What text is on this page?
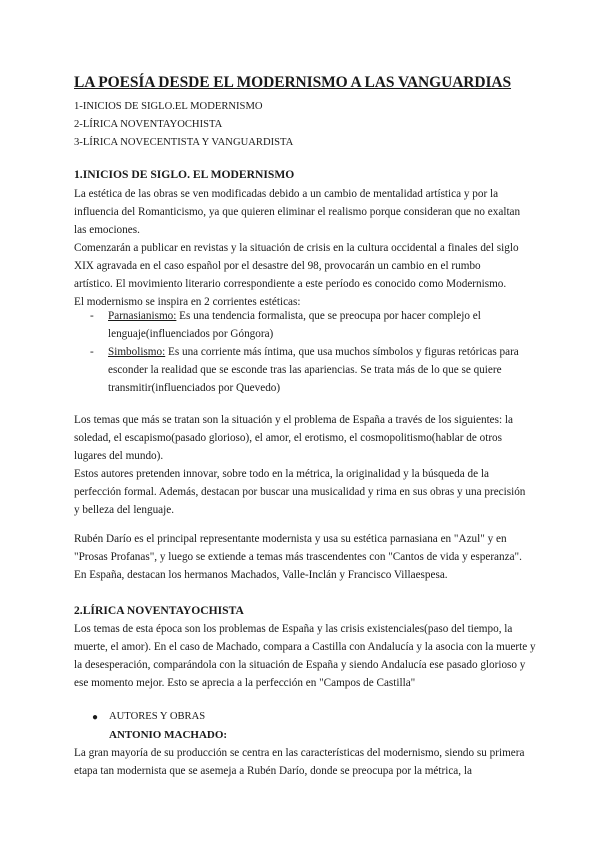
LA POESÍA DESDE EL MODERNISMO A LAS VANGUARDIAS
1-INICIOS DE SIGLO.EL MODERNISMO
2-LÍRICA NOVENTAYOCHISTA
3-LÍRICA NOVECENTISTA Y VANGUARDISTA
1.INICIOS DE SIGLO. EL MODERNISMO
La estética de las obras se ven modificadas debido a un cambio de mentalidad artística y por la
influencia del Romanticismo, ya que quieren eliminar el realismo porque consideran que no exaltan
las emociones.
Comenzarán a publicar en revistas y la situación de crisis en la cultura occidental a finales del siglo
XIX agravada en el caso español por el desastre del 98, provocarán un cambio en el rumbo
artístico. El movimiento literario correspondiente a este período es conocido como Modernismo.
El modernismo se inspira en 2 corrientes estéticas:
- Parnasianismo: Es una tendencia formalista, que se preocupa por hacer complejo el
lenguaje(influenciados por Góngora)
- Simbolismo: Es una corriente más íntima, que usa muchos símbolos y figuras retóricas para
esconder la realidad que se esconde tras las apariencias. Se trata más de lo que se quiere
transmitir(influenciados por Quevedo)
Los temas que más se tratan son la situación y el problema de España a través de los siguientes: la
soledad, el escapismo(pasado glorioso), el amor, el erotismo, el cosmopolitismo(hablar de otros
lugares del mundo).
Estos autores pretenden innovar, sobre todo en la métrica, la originalidad y la búsqueda de la
perfección formal. Además, destacan por buscar una musicalidad y rima en sus obras y una precisión
y belleza del lenguaje.
Rubén Darío es el principal representante modernista y usa su estética parnasiana en "Azul" y en
"Prosas Profanas", y luego se extiende a temas más trascendentes con "Cantos de vida y esperanza".
En España, destacan los hermanos Machados, Valle-Inclán y Francisco Villaespesa.
2.LÍRICA NOVENTAYOCHISTA
Los temas de esta época son los problemas de España y las crisis existenciales(paso del tiempo, la
muerte, el amor). En el caso de Machado, compara a Castilla con Andalucía y la asocia con la muerte y
la desesperación, comparándola con la situación de España y siendo Andalucía ese pasado glorioso y
ese momento mejor. Esto se aprecia a la perfección en "Campos de Castilla"
● AUTORES Y OBRAS
ANTONIO MACHADO:
La gran mayoría de su producción se centra en las características del modernismo, siendo su primera
etapa tan modernista que se asemeja a Rubén Darío, donde se preocupa por la métrica, la
